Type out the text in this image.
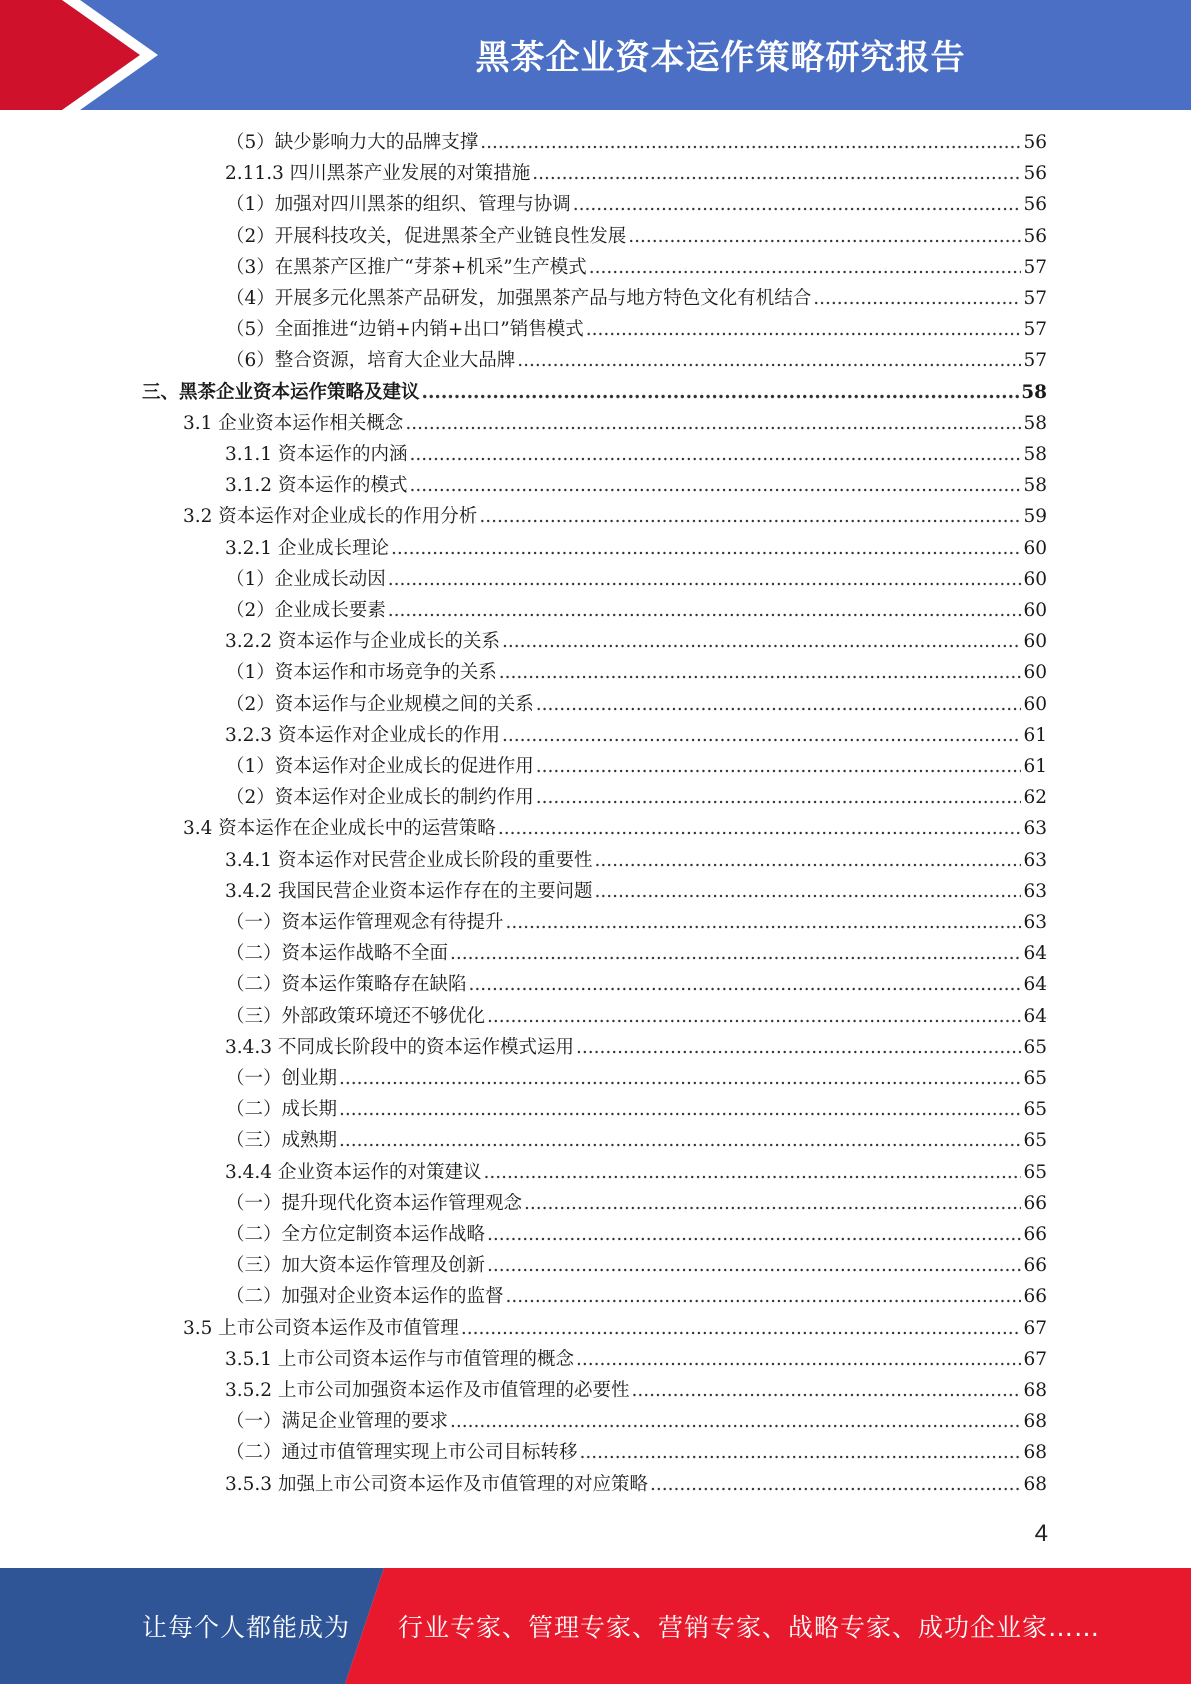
黑茶企业资本运作策略研究报告
（5）缺少影响力大的品牌支撑 .....	56
2.11.3 四川黑茶产业发展的对策措施 .....	56
（1）加强对四川黑茶的组织、管理与协调 .....	56
（2）开展科技攻关，促进黑茶全产业链良性发展 .....	56
（3）在黑茶产区推广“芽茶+机采”生产模式 .....	57
（4）开展多元化黑茶产品研发，加强黑茶产品与地方特色文化有机结合 .....	57
（5）全面推进“边销+内销+出口”销售模式 .....	57
（6）整合资源，培育大企业大品牌 .....	57
三、黑茶企业资本运作策略及建议 .....	58
3.1 企业资本运作相关概念 .....	58
3.1.1 资本运作的内涵 .....	58
3.1.2 资本运作的模式 .....	58
3.2 资本运作对企业成长的作用分析 .....	59
3.2.1 企业成长理论 .....	60
（1）企业成长动因 .....	60
（2）企业成长要素 .....	60
3.2.2 资本运作与企业成长的关系 .....	60
（1）资本运作和市场竞争的关系 .....	60
（2）资本运作与企业规模之间的关系 .....	60
3.2.3 资本运作对企业成长的作用 .....	61
（1）资本运作对企业成长的促进作用 .....	61
（2）资本运作对企业成长的制约作用 .....	62
3.4 资本运作在企业成长中的运营策略 .....	63
3.4.1 资本运作对民营企业成长阶段的重要性 .....	63
3.4.2 我国民营企业资本运作存在的主要问题 .....	63
（一）资本运作管理观念有待提升 .....	63
（二）资本运作战略不全面 .....	64
（二）资本运作策略存在缺陷 .....	64
（三）外部政策环境还不够优化 .....	64
3.4.3 不同成长阶段中的资本运作模式运用 .....	65
（一）创业期 .....	65
（二）成长期 .....	65
（三）成熟期 .....	65
3.4.4 企业资本运作的对策建议 .....	65
（一）提升现代化资本运作管理观念 .....	66
（二）全方位定制资本运作战略 .....	66
（三）加大资本运作管理及创新 .....	66
（二）加强对企业资本运作的监督 .....	66
3.5 上市公司资本运作及市值管理 .....	67
3.5.1 上市公司资本运作与市值管理的概念 .....	67
3.5.2 上市公司加强资本运作及市值管理的必要性 .....	68
（一）满足企业管理的要求 .....	68
（二）通过市值管理实现上市公司目标转移 .....	68
3.5.3 加强上市公司资本运作及市值管理的对应策略 .....	68
4
让每个人都能成为 行业专家、管理专家、营销专家、战略专家、成功企业家……
